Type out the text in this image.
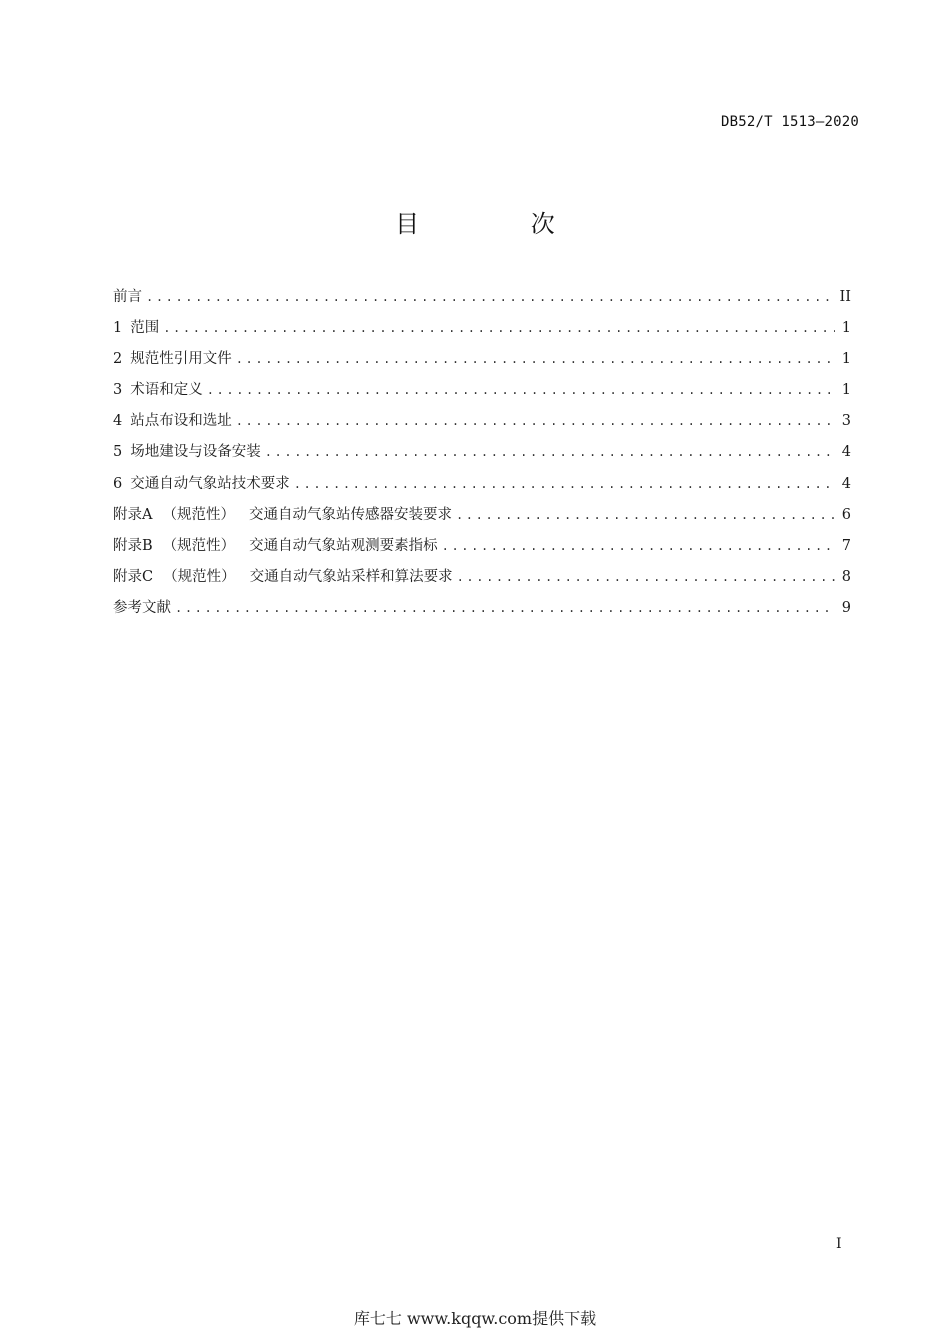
DB52/T 1513—2020
目 次
前言 .....	II
1 范围 .....	1
2 规范性引用文件 .....	1
3 术语和定义 .....	1
4 站点布设和选址 .....	3
5 场地建设与设备安装 .....	4
6 交通自动气象站技术要求 .....	4
附录A （规范性） 交通自动气象站传感器安装要求 .....	6
附录B （规范性） 交通自动气象站观测要素指标 .....	7
附录C （规范性） 交通自动气象站采样和算法要求 .....	8
参考文献 .....	9
I
库七七 www.kqqw.com提供下载
